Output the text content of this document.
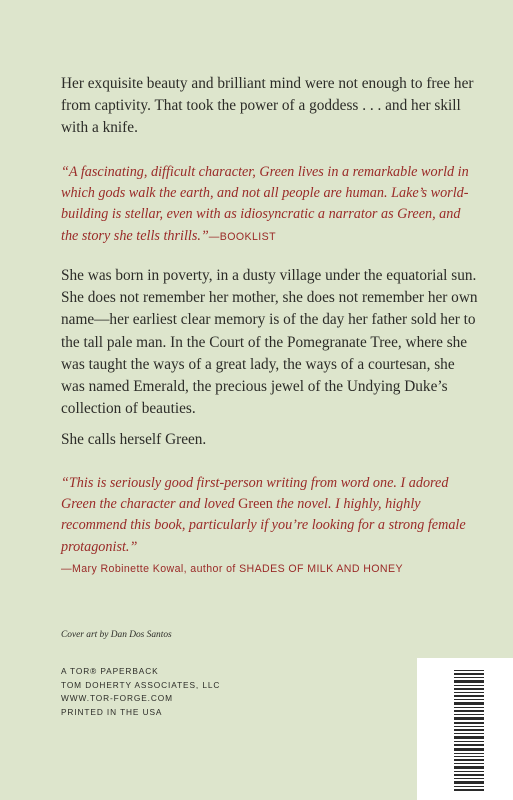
Her exquisite beauty and brilliant mind were not enough to free her from captivity. That took the power of a goddess . . . and her skill with a knife.

“A fascinating, difficult character, Green lives in a remarkable world in which gods walk the earth, and not all people are human. Lake’s world-building is stellar, even with as idiosyncratic a narrator as Green, and the story she tells thrills.”—BOOKLIST

She was born in poverty, in a dusty village under the equatorial sun. She does not remember her mother, she does not remember her own name—her earliest clear memory is of the day her father sold her to the tall pale man. In the Court of the Pomegranate Tree, where she was taught the ways of a great lady, the ways of a courtesan, she was named Emerald, the precious jewel of the Undying Duke’s collection of beauties.

She calls herself Green.

“This is seriously good first-person writing from word one. I adored Green the character and loved Green the novel. I highly, highly recommend this book, particularly if you’re looking for a strong female protagonist.”
—Mary Robinette Kowal, author of SHADES OF MILK AND HONEY

Cover art by Dan Dos Santos

A TOR® PAPERBACK

TOM DOHERTY ASSOCIATES, LLC

WWW.TOR-FORGE.COM

PRINTED IN THE USA
